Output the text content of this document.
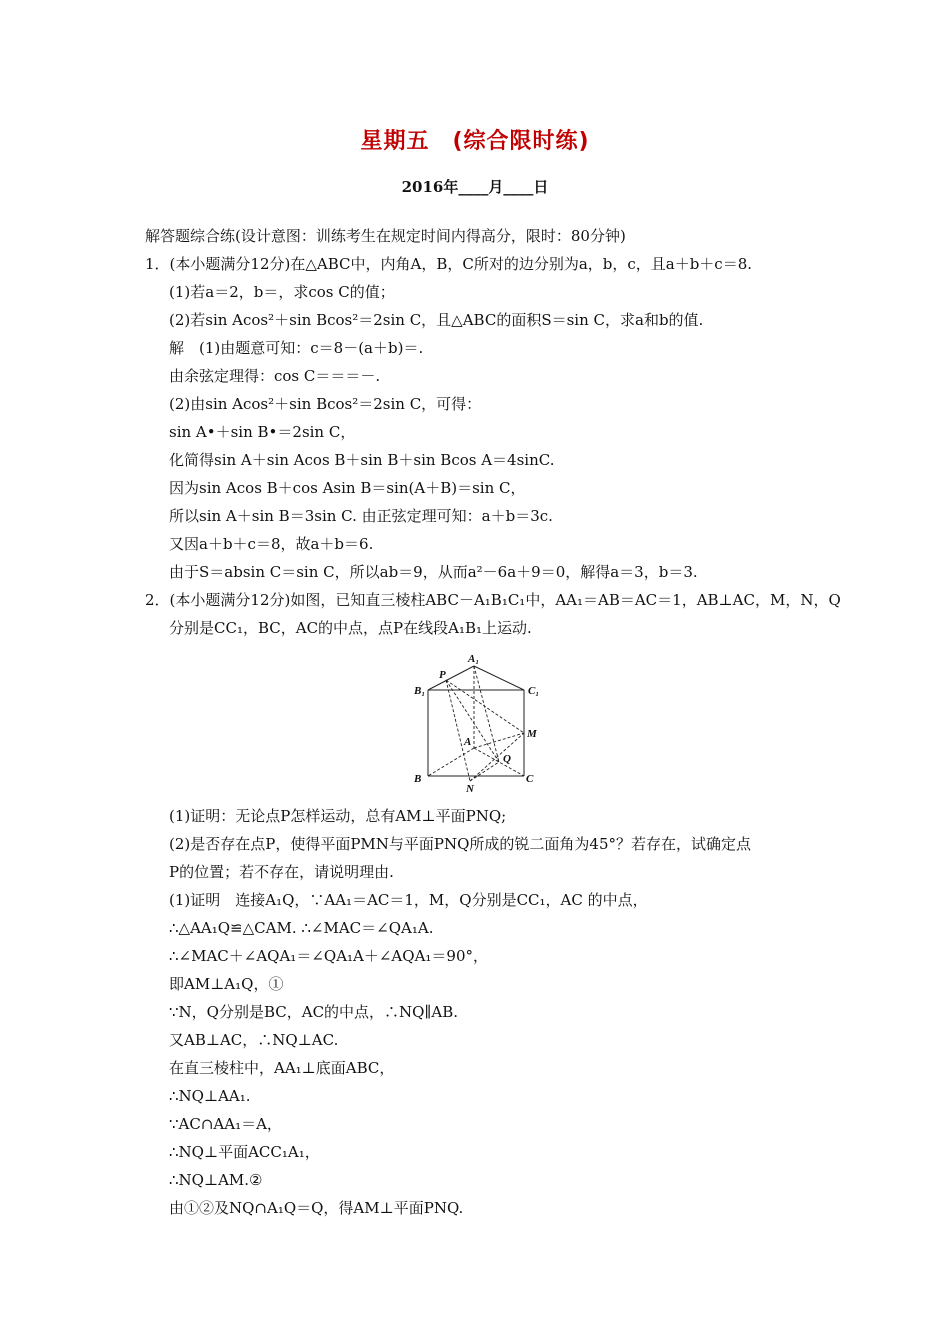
星期五　(综合限时练)
2016年____月____日
解答题综合练(设计意图：训练考生在规定时间内得高分，限时：80分钟)
1．(本小题满分12分)在△ABC中，内角A，B，C所对的边分别为a，b，c，且a＋b＋c＝8.
(1)若a＝2，b＝，求cos C的值；
(2)若sin Acos²＋sin Bcos²＝2sin C，且△ABC的面积S＝sin C，求a和b的值.
解　(1)由题意可知：c＝8－(a＋b)＝.
由余弦定理得：cos C＝＝＝－.
(2)由sin Acos²＋sin Bcos²＝2sin C，可得：
sin A•＋sin B•＝2sin C，
化简得sin A＋sin Acos B＋sin B＋sin Bcos A＝4sinC.
因为sin Acos B＋cos Asin B＝sin(A＋B)＝sin C，
所以sin A＋sin B＝3sin C. 由正弦定理可知：a＋b＝3c.
又因a＋b＋c＝8，故a＋b＝6.
由于S＝absin C＝sin C，所以ab＝9，从而a²－6a＋9＝0，解得a＝3，b＝3.
2．(本小题满分12分)如图，已知直三棱柱ABC－A₁B₁C₁中，AA₁＝AB＝AC＝1，AB⊥AC，M，N，Q
分别是CC₁，BC，AC的中点，点P在线段A₁B₁上运动.
A₁
B₁	C₁
P
M
A
Q
B
N
C
(1)证明：无论点P怎样运动，总有AM⊥平面PNQ;
(2)是否存在点P，使得平面PMN与平面PNQ所成的锐二面角为45°？若存在，试确定点
P的位置；若不存在，请说明理由.
(1)证明　连接A₁Q，∵AA₁＝AC＝1，M，Q分别是CC₁，AC 的中点，
∴△AA₁Q≌△CAM. ∴∠MAC＝∠QA₁A.
∴∠MAC＋∠AQA₁＝∠QA₁A＋∠AQA₁＝90°，
即AM⊥A₁Q，①
∵N，Q分别是BC，AC的中点，∴NQ∥AB.
又AB⊥AC，∴NQ⊥AC.
在直三棱柱中，AA₁⊥底面ABC，
∴NQ⊥AA₁.
∵AC∩AA₁＝A，
∴NQ⊥平面ACC₁A₁，
∴NQ⊥AM.②
由①②及NQ∩A₁Q＝Q，得AM⊥平面PNQ.
